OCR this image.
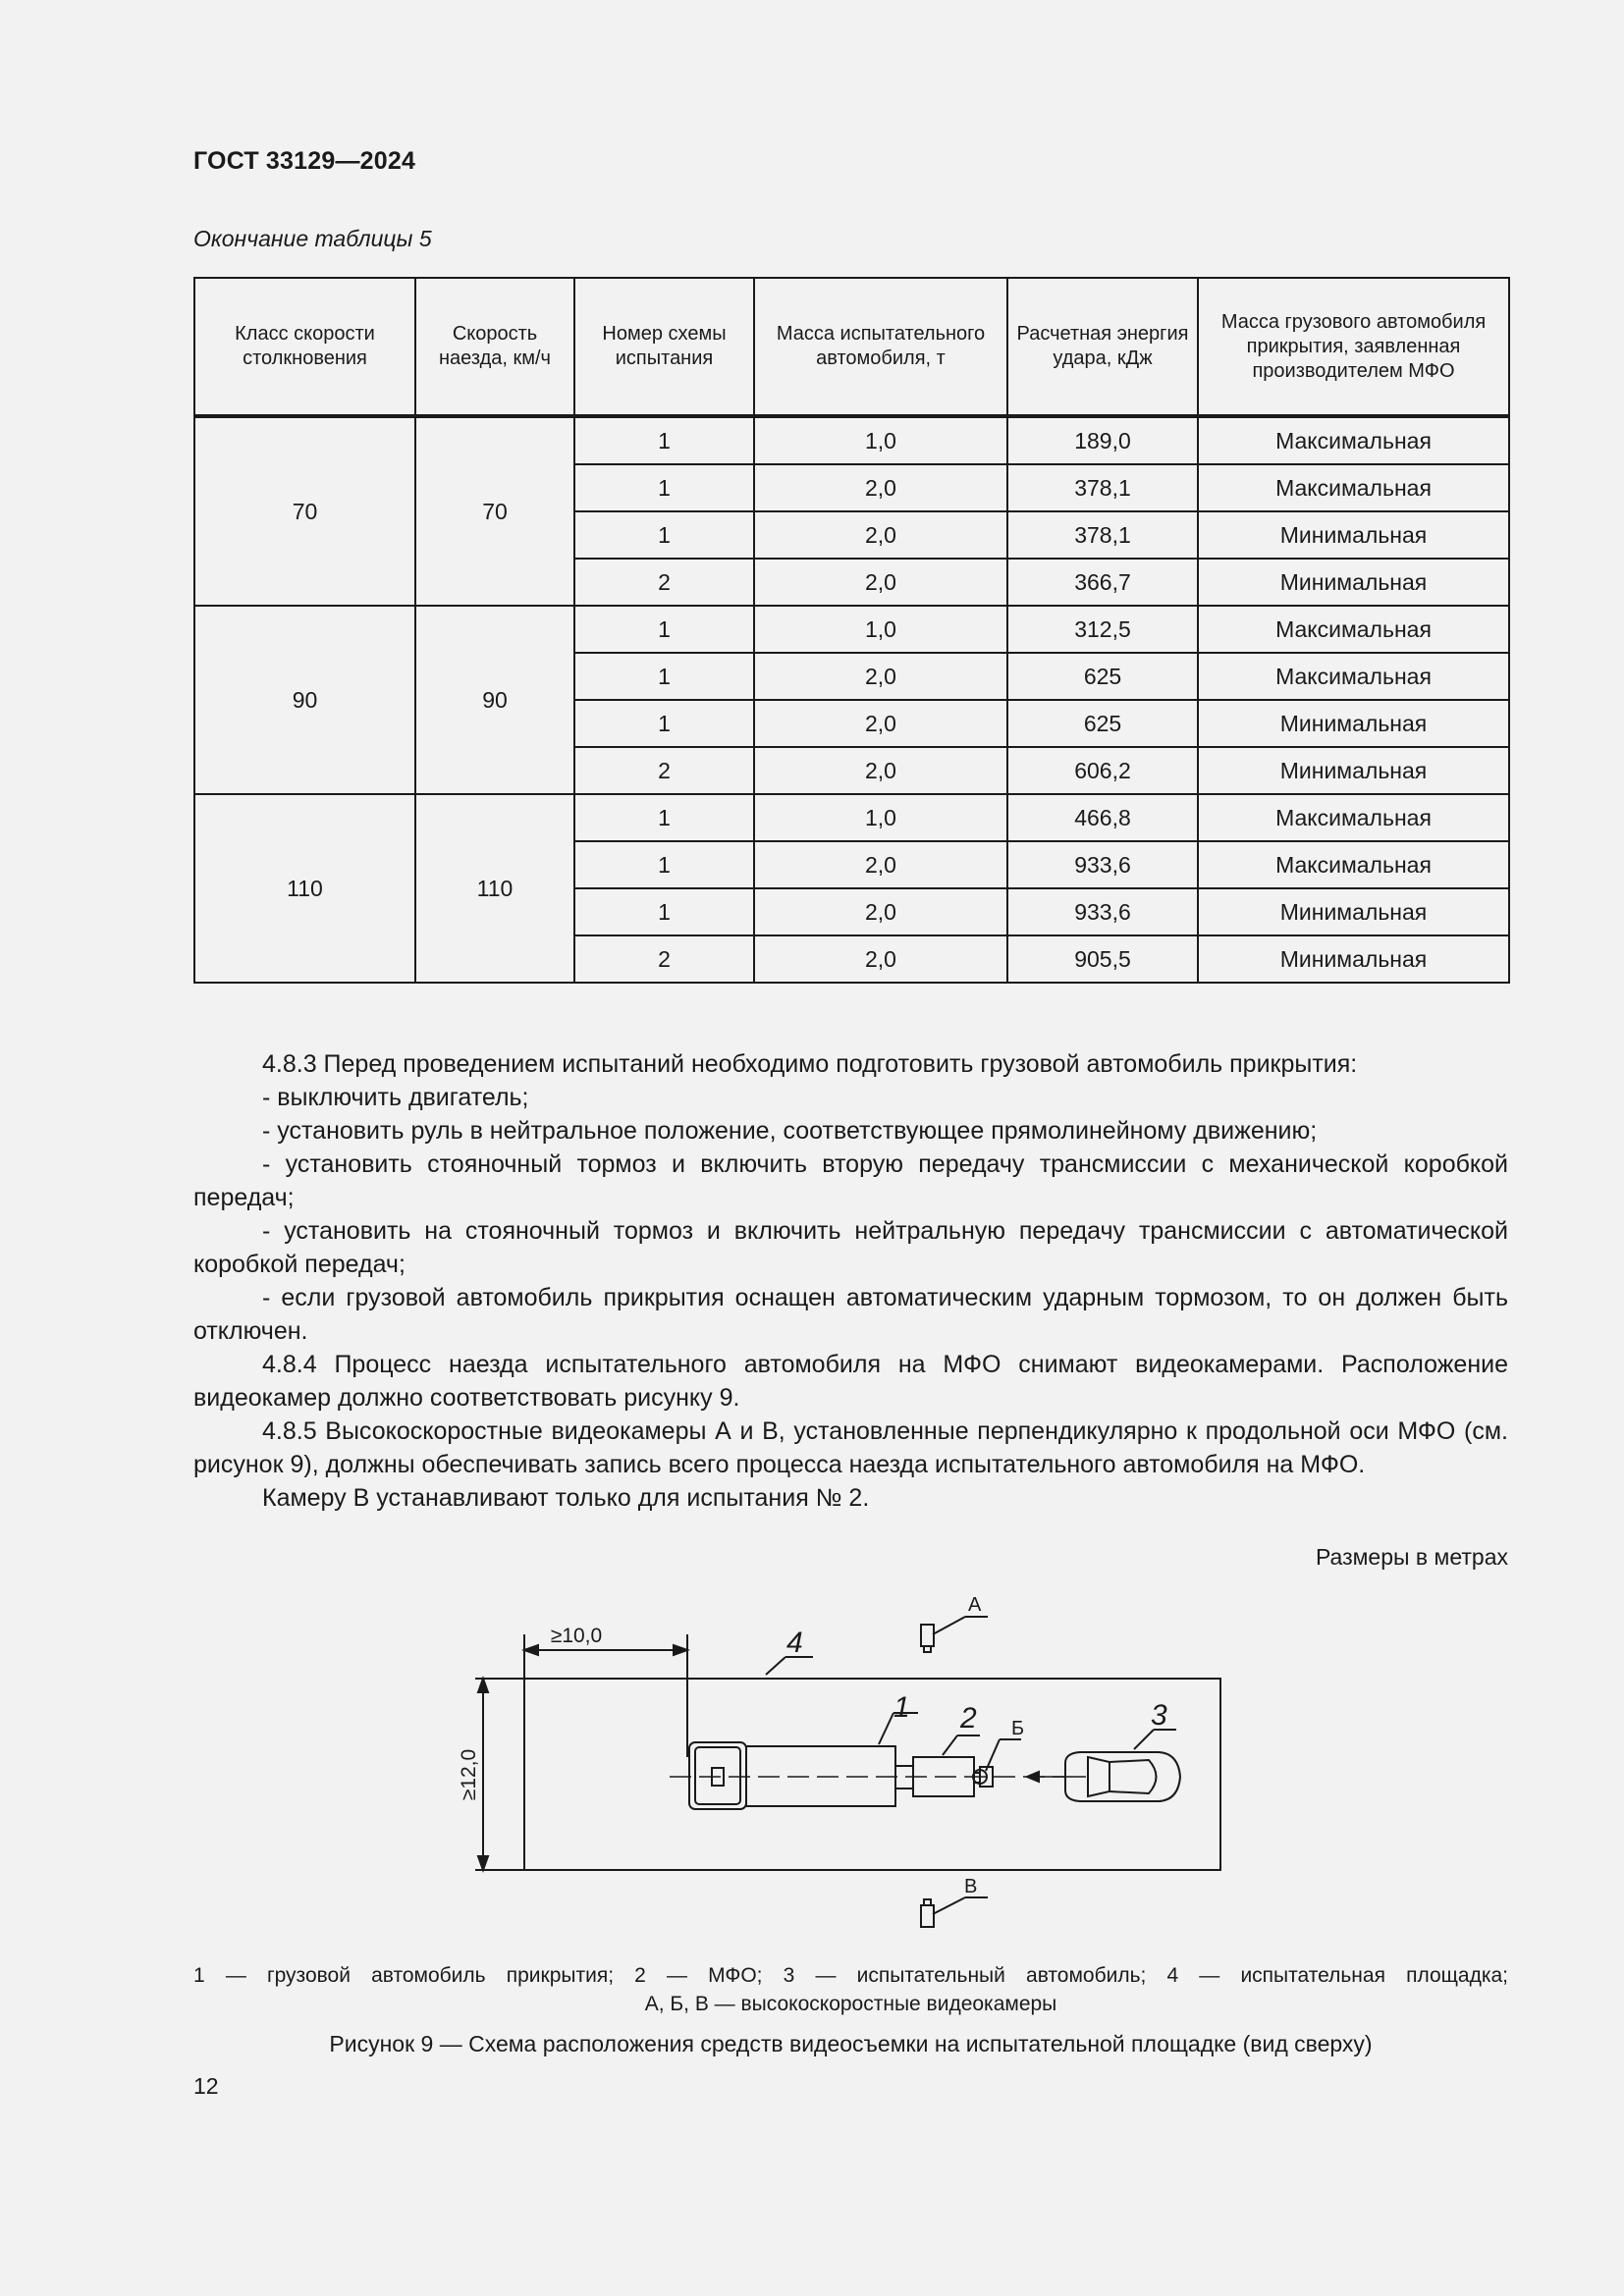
ГОСТ 33129—2024
Окончание таблицы 5
Класс скорости столкновения	Скорость наезда, км/ч	Номер схемы испытания	Масса испытательного автомобиля, т	Расчетная энергия удара, кДж	Масса грузового автомобиля прикрытия, заявленная производителем МФО
70	70	1	1,0	189,0	Максимальная
		1	2,0	378,1	Максимальная
		1	2,0	378,1	Минимальная
		2	2,0	366,7	Минимальная
90	90	1	1,0	312,5	Максимальная
		1	2,0	625	Максимальная
		1	2,0	625	Минимальная
		2	2,0	606,2	Минимальная
110	110	1	1,0	466,8	Максимальная
		1	2,0	933,6	Максимальная
		1	2,0	933,6	Минимальная
		2	2,0	905,5	Минимальная

4.8.3 Перед проведением испытаний необходимо подготовить грузовой автомобиль прикрытия:

- выключить двигатель;

- установить руль в нейтральное положение, соответствующее прямолинейному движению;

- установить стояночный тормоз и включить вторую передачу трансмиссии с механической коробкой передач;

- установить на стояночный тормоз и включить нейтральную передачу трансмиссии с автоматической коробкой передач;

- если грузовой автомобиль прикрытия оснащен автоматическим ударным тормозом, то он должен быть отключен.

4.8.4 Процесс наезда испытательного автомобиля на МФО снимают видеокамерами. Расположение видеокамер должно соответствовать рисунку 9.

4.8.5 Высокоскоростные видеокамеры А и В, установленные перпендикулярно к продольной оси МФО (см. рисунок 9), должны обеспечивать запись всего процесса наезда испытательного автомобиля на МФО.

Камеру В устанавливают только для испытания № 2.

Размеры в метрах
≥10,0
≥12,0
4
1 2	3
А
Б
В
1 — грузовой автомобиль прикрытия; 2 — МФО; 3 — испытательный автомобиль; 4 — испытательная площадка;
А, Б, В — высокоскоростные видеокамеры
Рисунок 9 — Схема расположения средств видеосъемки на испытательной площадке (вид сверху)
12
